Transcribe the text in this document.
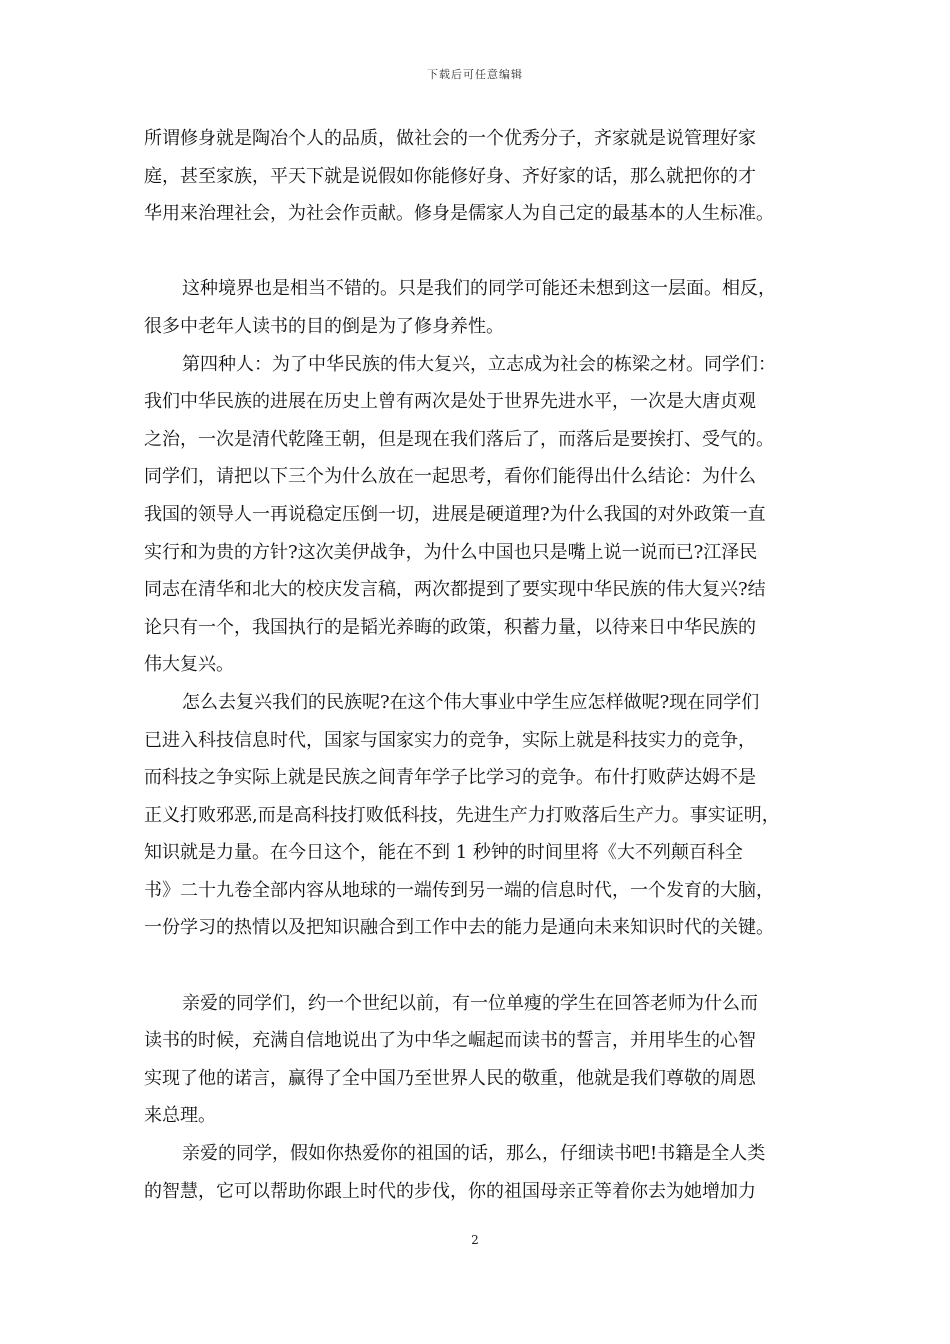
下载后可任意编辑
所谓修身就是陶冶个人的品质，做社会的一个优秀分子，齐家就是说管理好家
庭，甚至家族，平天下就是说假如你能修好身、齐好家的话，那么就把你的才
华用来治理社会，为社会作贡献。修身是儒家人为自己定的最基本的人生标准。
这种境界也是相当不错的。只是我们的同学可能还未想到这一层面。相反，
很多中老年人读书的目的倒是为了修身养性。
第四种人：为了中华民族的伟大复兴，立志成为社会的栋梁之材。同学们：
我们中华民族的进展在历史上曾有两次是处于世界先进水平，一次是大唐贞观
之治，一次是清代乾隆王朝，但是现在我们落后了，而落后是要挨打、受气的。
同学们，请把以下三个为什么放在一起思考，看你们能得出什么结论：为什么
我国的领导人一再说稳定压倒一切，进展是硬道理?为什么我国的对外政策一直
实行和为贵的方针?这次美伊战争，为什么中国也只是嘴上说一说而已?江泽民
同志在清华和北大的校庆发言稿，两次都提到了要实现中华民族的伟大复兴?结
论只有一个，我国执行的是韬光养晦的政策，积蓄力量，以待来日中华民族的
伟大复兴。
怎么去复兴我们的民族呢?在这个伟大事业中学生应怎样做呢?现在同学们
已进入科技信息时代，国家与国家实力的竞争，实际上就是科技实力的竞争，
而科技之争实际上就是民族之间青年学子比学习的竞争。布什打败萨达姆不是
正义打败邪恶,而是高科技打败低科技，先进生产力打败落后生产力。事实证明，
知识就是力量。在今日这个，能在不到 1 秒钟的时间里将《大不列颠百科全
书》二十九卷全部内容从地球的一端传到另一端的信息时代，一个发育的大脑，
一份学习的热情以及把知识融合到工作中去的能力是通向未来知识时代的关键。
亲爱的同学们，约一个世纪以前，有一位单瘦的学生在回答老师为什么而
读书的时候，充满自信地说出了为中华之崛起而读书的誓言，并用毕生的心智
实现了他的诺言，赢得了全中国乃至世界人民的敬重，他就是我们尊敬的周恩
来总理。
亲爱的同学，假如你热爱你的祖国的话，那么，仔细读书吧!书籍是全人类
的智慧，它可以帮助你跟上时代的步伐，你的祖国母亲正等着你去为她增加力
2
